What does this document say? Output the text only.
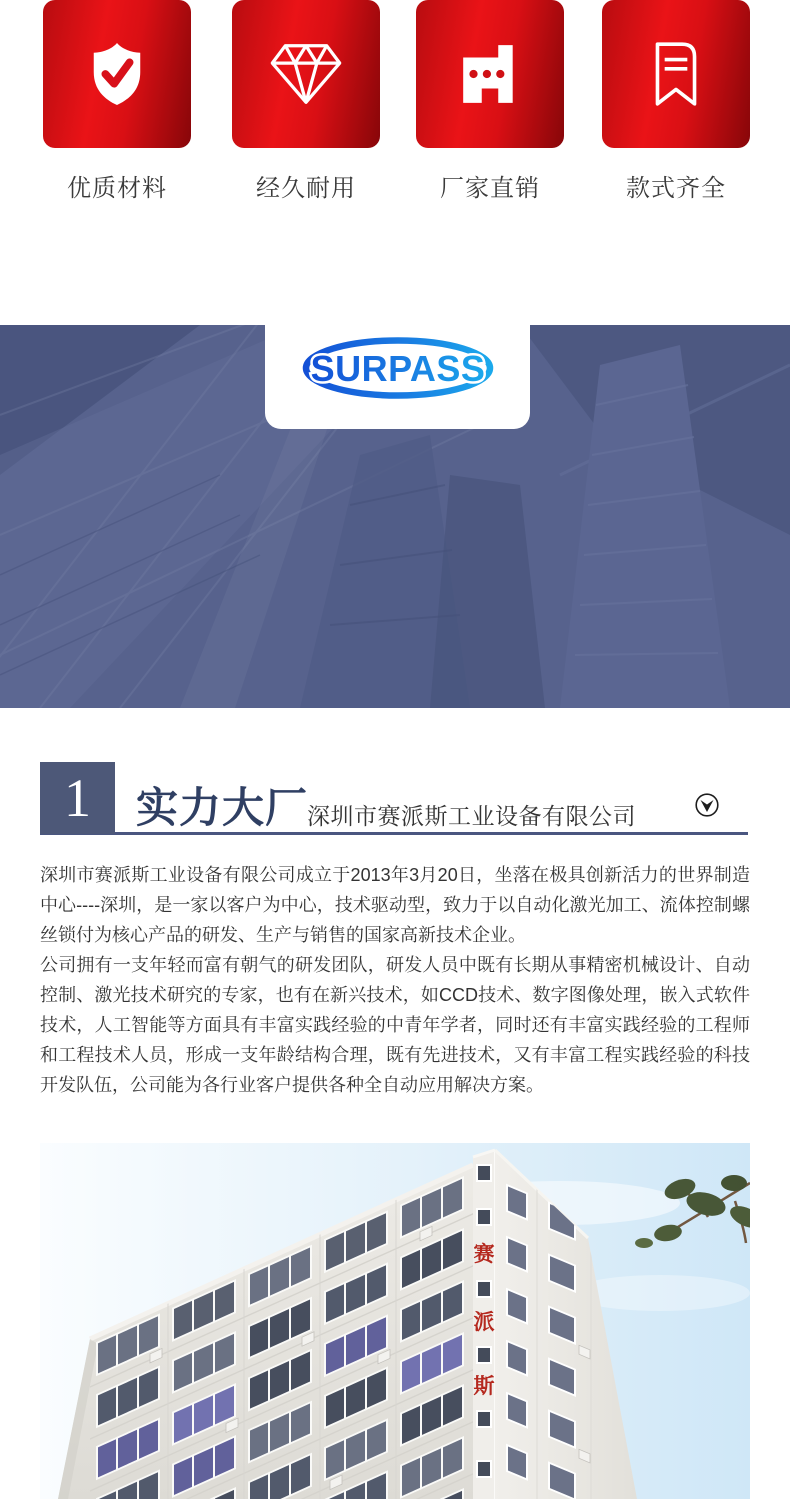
优质材料	经久耐用	厂家直销	款式齐全
SURPASS
1	实力大厂
深圳市赛派斯工业设备有限公司

深圳市赛派斯工业设备有限公司成立于2013年3月20日，坐落在极具创新活力的世界制造中心----深圳，是一家以客户为中心，技术驱动型，致力于以自动化激光加工、流体控制螺丝锁付为核心产品的研发、生产与销售的国家高新技术企业。

公司拥有一支年轻而富有朝气的研发团队，研发人员中既有长期从事精密机械设计、自动控制、激光技术研究的专家，也有在新兴技术，如CCD技术、数字图像处理，嵌入式软件技术，人工智能等方面具有丰富实践经验的中青年学者，同时还有丰富实践经验的工程师和工程技术人员，形成一支年龄结构合理，既有先进技术，又有丰富工程实践经验的科技开发队伍，公司能为各行业客户提供各种全自动应用解决方案。

赛
派
斯
